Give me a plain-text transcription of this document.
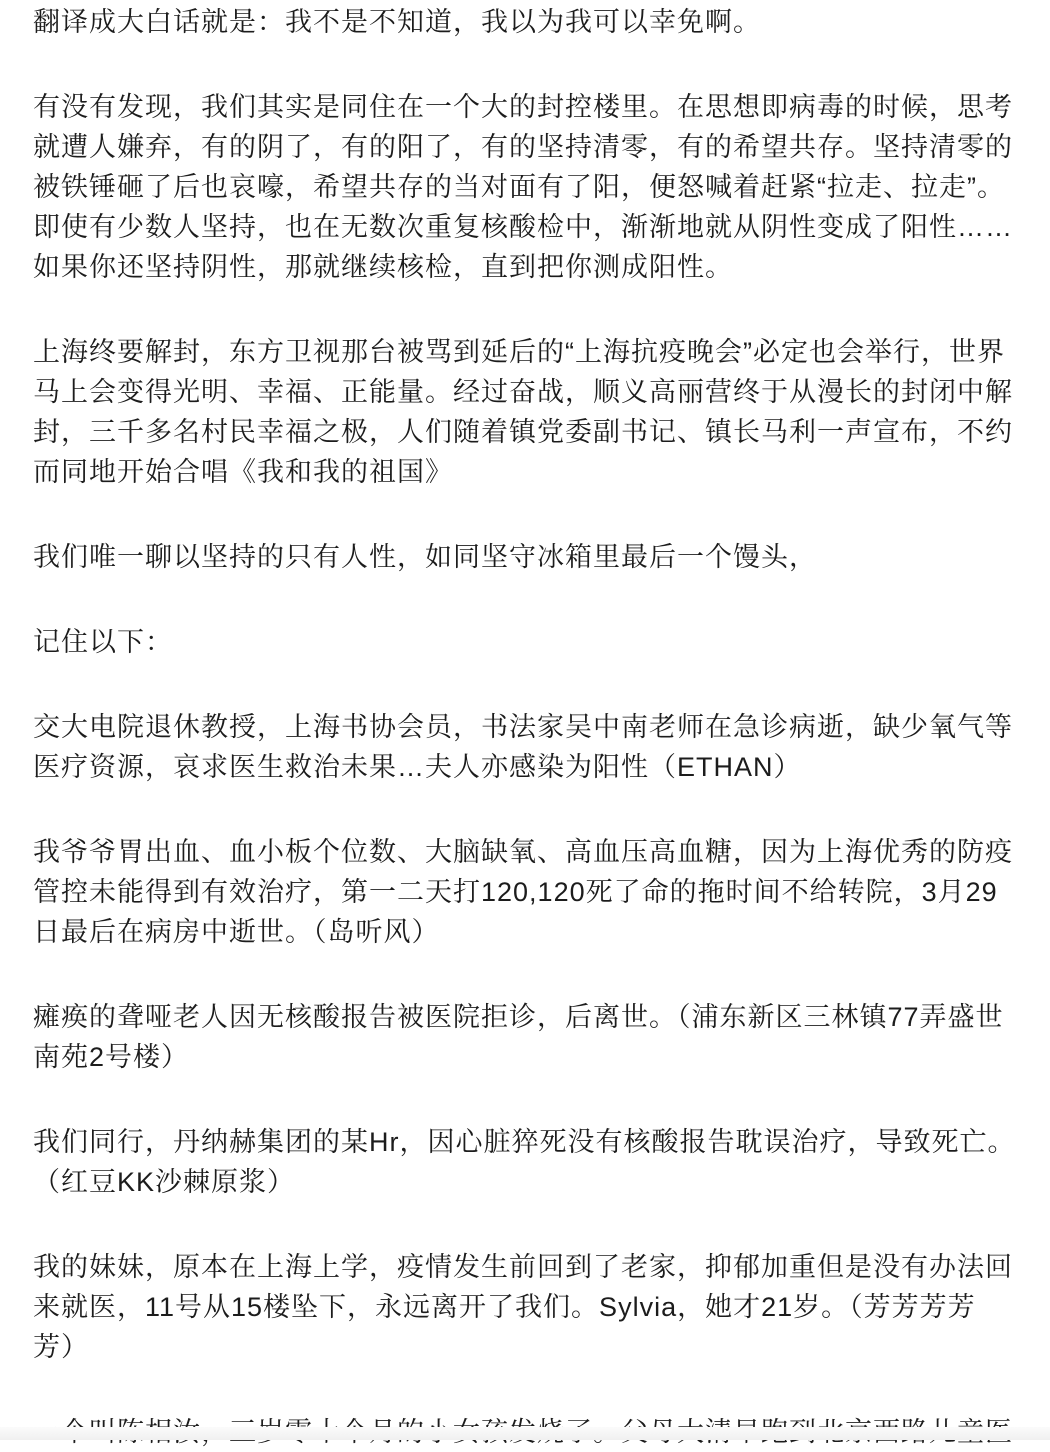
翻译成大白话就是：我不是不知道，我以为我可以幸免啊。

有没有发现，我们其实是同住在一个大的封控楼里。在思想即病毒的时候，思考就遭人嫌弃，有的阴了，有的阳了，有的坚持清零，有的希望共存。坚持清零的被铁锤砸了后也哀嚎，希望共存的当对面有了阳，便怒喊着赶紧“拉走、拉走”。即使有少数人坚持，也在无数次重复核酸检中，渐渐地就从阴性变成了阳性……如果你还坚持阴性，那就继续核检，直到把你测成阳性。

上海终要解封，东方卫视那台被骂到延后的“上海抗疫晚会”必定也会举行，世界马上会变得光明、幸福、正能量。经过奋战，顺义高丽营终于从漫长的封闭中解封，三千多名村民幸福之极，人们随着镇党委副书记、镇长马利一声宣布，不约而同地开始合唱《我和我的祖国》

我们唯一聊以坚持的只有人性，如同坚守冰箱里最后一个馒头，

记住以下：

交大电院退休教授，上海书协会员，书法家吴中南老师在急诊病逝，缺少氧气等医疗资源，哀求医生救治未果…夫人亦感染为阳性（ETHAN）

我爷爷胃出血、血小板个位数、大脑缺氧、高血压高血糖，因为上海优秀的防疫管控未能得到有效治疗，第一二天打120,120死了命的拖时间不给转院，3月29日最后在病房中逝世。（岛听风）

瘫痪的聋哑老人因无核酸报告被医院拒诊，后离世。（浦东新区三林镇77弄盛世南苑2号楼）

我们同行，丹纳赫集团的某Hr，因心脏猝死没有核酸报告耽误治疗，导致死亡。（红豆KK沙棘原浆）

我的妹妹，原本在上海上学，疫情发生前回到了老家，抑郁加重但是没有办法回来就医，11号从15楼坠下，永远离开了我们。Sylvia，她才21岁。（芳芳芳芳芳）
